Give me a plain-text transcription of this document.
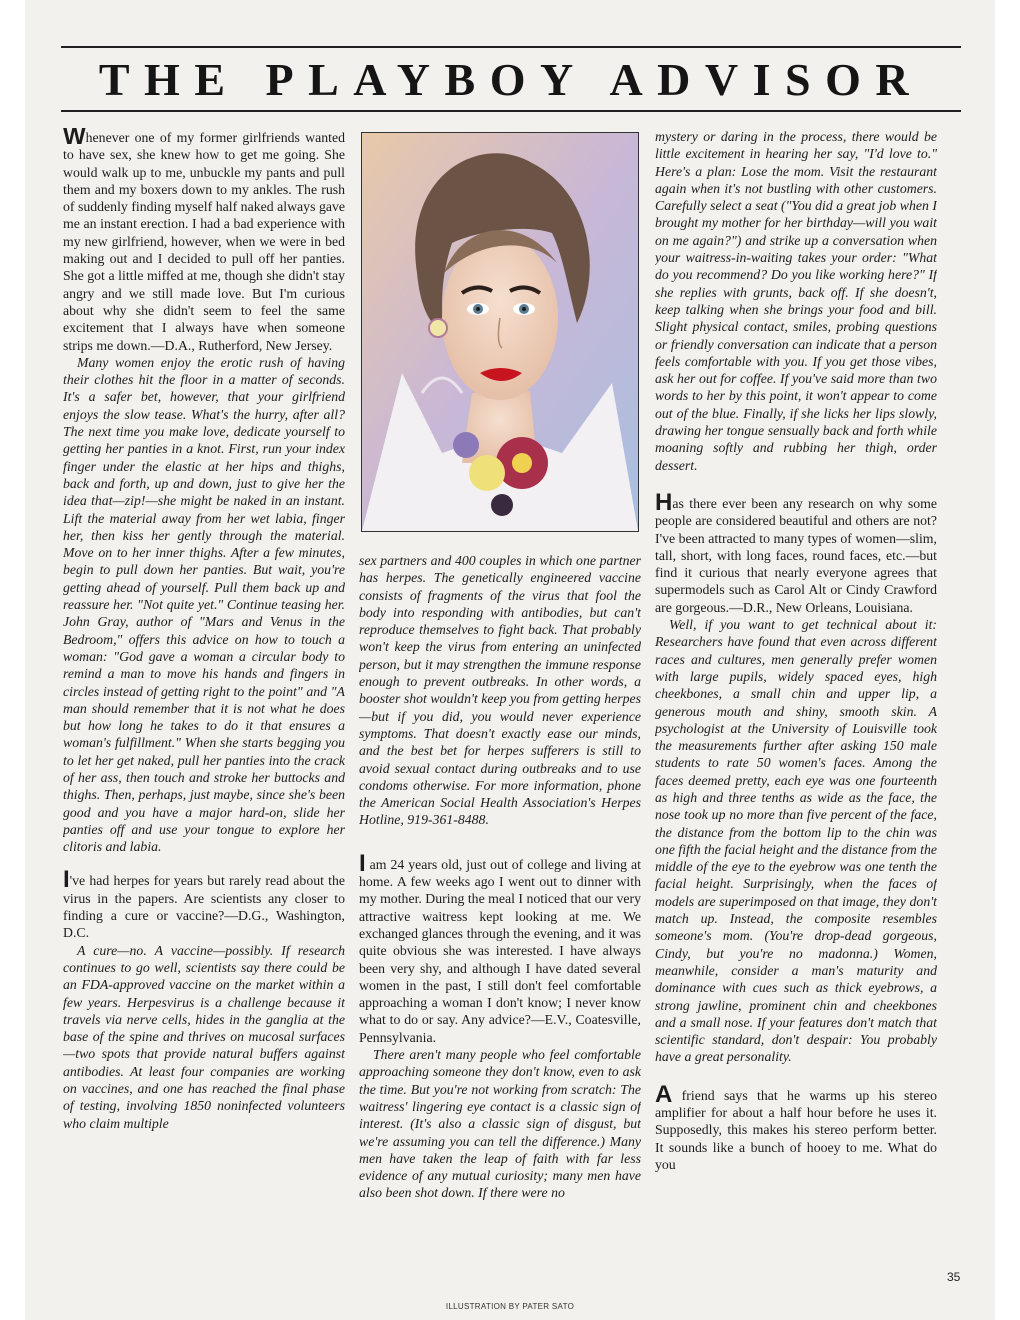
THE PLAYBOY ADVISOR

Whenever one of my former girlfriends wanted to have sex, she knew how to get me going. She would walk up to me, unbuckle my pants and pull them and my boxers down to my ankles. The rush of suddenly finding myself half naked always gave me an instant erection. I had a bad experience with my new girlfriend, however, when we were in bed making out and I decided to pull off her panties. She got a little miffed at me, though she didn't stay angry and we still made love. But I'm curious about why she didn't seem to feel the same excitement that I always have when someone strips me down.—D.A., Rutherford, New Jersey.

Many women enjoy the erotic rush of having their clothes hit the floor in a matter of seconds. It's a safer bet, however, that your girlfriend enjoys the slow tease. What's the hurry, after all? The next time you make love, dedicate yourself to getting her panties in a knot. First, run your index finger under the elastic at her hips and thighs, back and forth, up and down, just to give her the idea that—zip!—she might be naked in an instant. Lift the material away from her wet labia, finger her, then kiss her gently through the material. Move on to her inner thighs. After a few minutes, begin to pull down her panties. But wait, you're getting ahead of yourself. Pull them back up and reassure her. "Not quite yet." Continue teasing her. John Gray, author of "Mars and Venus in the Bedroom," offers this advice on how to touch a woman: "God gave a woman a circular body to remind a man to move his hands and fingers in circles instead of getting right to the point" and "A man should remember that it is not what he does but how long he takes to do it that ensures a woman's fulfillment." When she starts begging you to let her get naked, pull her panties into the crack of her ass, then touch and stroke her buttocks and thighs. Then, perhaps, just maybe, since she's been good and you have a major hard-on, slide her panties off and use your tongue to explore her clitoris and labia.

I've had herpes for years but rarely read about the virus in the papers. Are scientists any closer to finding a cure or vaccine?—D.G., Washington, D.C.

A cure—no. A vaccine—possibly. If research continues to go well, scientists say there could be an FDA-approved vaccine on the market within a few years. Herpesvirus is a challenge because it travels via nerve cells, hides in the ganglia at the base of the spine and thrives on mucosal surfaces—two spots that provide natural buffers against antibodies. At least four companies are working on vaccines, and one has reached the final phase of testing, involving 1850 noninfected volunteers who claim multiple

sex partners and 400 couples in which one partner has herpes. The genetically engineered vaccine consists of fragments of the virus that fool the body into responding with antibodies, but can't reproduce themselves to fight back. That probably won't keep the virus from entering an uninfected person, but it may strengthen the immune response enough to prevent outbreaks. In other words, a booster shot wouldn't keep you from getting herpes—but if you did, you would never experience symptoms. That doesn't exactly ease our minds, and the best bet for herpes sufferers is still to avoid sexual contact during outbreaks and to use condoms otherwise. For more information, phone the American Social Health Association's Herpes Hotline, 919-361-8488.

I am 24 years old, just out of college and living at home. A few weeks ago I went out to dinner with my mother. During the meal I noticed that our very attractive waitress kept looking at me. We exchanged glances through the evening, and it was quite obvious she was interested. I have always been very shy, and although I have dated several women in the past, I still don't feel comfortable approaching a woman I don't know; I never know what to do or say. Any advice?—E.V., Coatesville, Pennsylvania.

There aren't many people who feel comfortable approaching someone they don't know, even to ask the time. But you're not working from scratch: The waitress' lingering eye contact is a classic sign of interest. (It's also a classic sign of disgust, but we're assuming you can tell the difference.) Many men have taken the leap of faith with far less evidence of any mutual curiosity; many men have also been shot down. If there were no

mystery or daring in the process, there would be little excitement in hearing her say, "I'd love to." Here's a plan: Lose the mom. Visit the restaurant again when it's not bustling with other customers. Carefully select a seat ("You did a great job when I brought my mother for her birthday—will you wait on me again?") and strike up a conversation when your waitress-in-waiting takes your order: "What do you recommend? Do you like working here?" If she replies with grunts, back off. If she doesn't, keep talking when she brings your food and bill. Slight physical contact, smiles, probing questions or friendly conversation can indicate that a person feels comfortable with you. If you get those vibes, ask her out for coffee. If you've said more than two words to her by this point, it won't appear to come out of the blue. Finally, if she licks her lips slowly, drawing her tongue sensually back and forth while moaning softly and rubbing her thigh, order dessert.

Has there ever been any research on why some people are considered beautiful and others are not? I've been attracted to many types of women—slim, tall, short, with long faces, round faces, etc.—but find it curious that nearly everyone agrees that supermodels such as Carol Alt or Cindy Crawford are gorgeous.—D.R., New Orleans, Louisiana.

Well, if you want to get technical about it: Researchers have found that even across different races and cultures, men generally prefer women with large pupils, widely spaced eyes, high cheekbones, a small chin and upper lip, a generous mouth and shiny, smooth skin. A psychologist at the University of Louisville took the measurements further after asking 150 male students to rate 50 women's faces. Among the faces deemed pretty, each eye was one fourteenth as high and three tenths as wide as the face, the nose took up no more than five percent of the face, the distance from the bottom lip to the chin was one fifth the facial height and the distance from the middle of the eye to the eyebrow was one tenth the facial height. Surprisingly, when the faces of models are superimposed on that image, they don't match up. Instead, the composite resembles someone's mom. (You're drop-dead gorgeous, Cindy, but you're no madonna.) Women, meanwhile, consider a man's maturity and dominance with cues such as thick eyebrows, a strong jawline, prominent chin and cheekbones and a small nose. If your features don't match that scientific standard, don't despair: You probably have a great personality.

A friend says that he warms up his stereo amplifier for about a half hour before he uses it. Supposedly, this makes his stereo perform better. It sounds like a bunch of hooey to me. What do you

35
ILLUSTRATION BY PATER SATO
